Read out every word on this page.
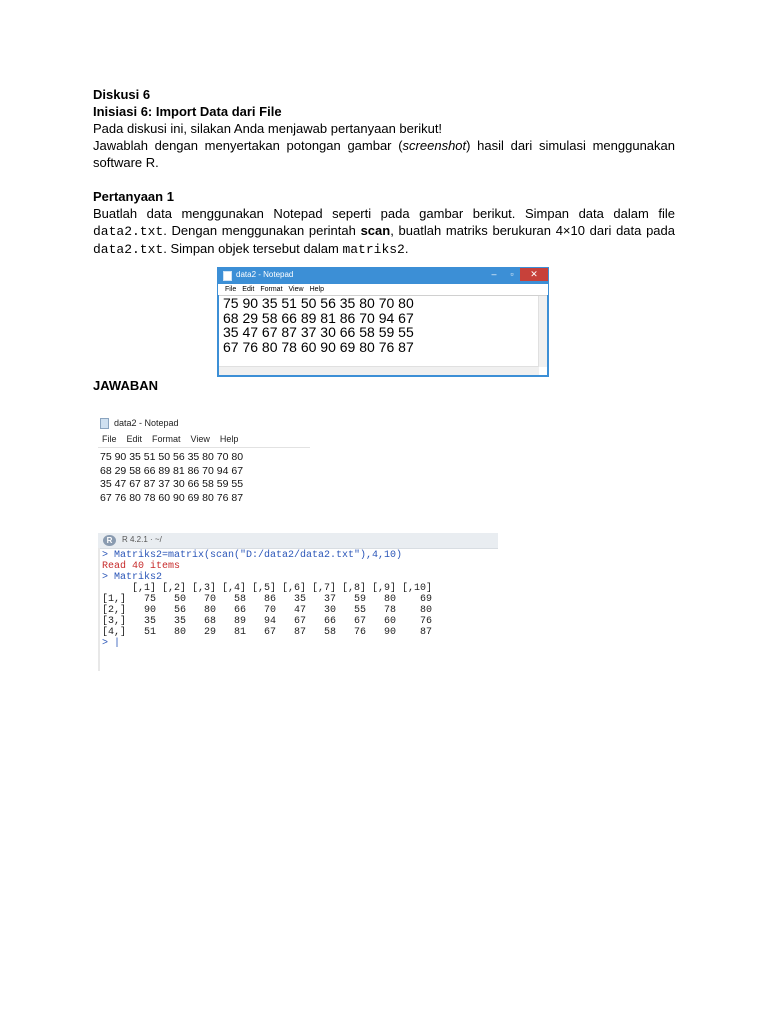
Diskusi 6

Inisiasi 6: Import Data dari File

Pada diskusi ini, silakan Anda menjawab pertanyaan berikut!

Jawablah dengan menyertakan potongan gambar (screenshot) hasil dari simulasi menggunakan software R.

Pertanyaan 1

Buatlah data menggunakan Notepad seperti pada gambar berikut. Simpan data dalam file data2.txt. Dengan menggunakan perintah scan, buatlah matriks berukuran 4×10 dari data pada data2.txt. Simpan objek tersebut dalam matriks2.

data2 - Notepad	–	▫	✕
File Edit Format View Help
75 90 35 51 50 56 35 80 70 80
68 29 58 66 89 81 86 70 94 67
35 47 67 87 37 30 66 58 59 55
67 76 80 78 60 90 69 80 76 87
JAWABAN
data2 - Notepad
File Edit Format View Help
75 90 35 51 50 56 35 80 70 80
68 29 58 66 89 81 86 70 94 67
35 47 67 87 37 30 66 58 59 55
67 76 80 78 60 90 69 80 76 87
R	R 4.2.1 · ~/
> Matriks2=matrix(scan("D:/data2/data2.txt"),4,10)
Read 40 items
> Matriks2
[,1] [,2] [,3] [,4] [,5] [,6] [,7] [,8] [,9] [,10]
[1,]   75   50   70   58   86   35   37   59   80    69
[2,]   90   56   80   66   70   47   30   55   78    80
[3,]   35   35   68   89   94   67   66   67   60    76
[4,]   51   80   29   81   67   87   58   76   90    87
> |
